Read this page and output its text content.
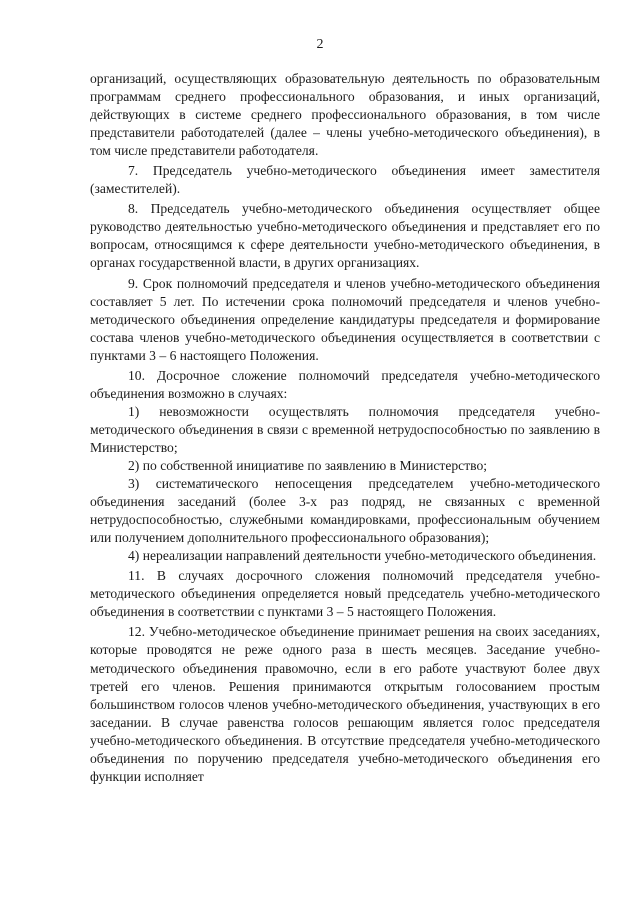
2

организаций, осуществляющих образовательную деятельность по образовательным программам среднего профессионального образования, и иных организаций, действующих в системе среднего профессионального образования, в том числе представители работодателей (далее – члены учебно-методического объединения), в том числе представители работодателя.

7. Председатель учебно-методического объединения имеет заместителя (заместителей).

8. Председатель учебно-методического объединения осуществляет общее руководство деятельностью учебно-методического объединения и представляет его по вопросам, относящимся к сфере деятельности учебно-методического объединения, в органах государственной власти, в других организациях.

9. Срок полномочий председателя и членов учебно-методического объединения составляет 5 лет. По истечении срока полномочий председателя и членов учебно-методического объединения определение кандидатуры председателя и формирование состава членов учебно-методического объединения осуществляется в соответствии с пунктами 3 – 6 настоящего Положения.

10. Досрочное сложение полномочий председателя учебно-методического объединения возможно в случаях:

1) невозможности осуществлять полномочия председателя учебно-методического объединения в связи с временной нетрудоспособностью по заявлению в Министерство;

2) по собственной инициативе по заявлению в Министерство;

3) систематического непосещения председателем учебно-методического объединения заседаний (более 3-х раз подряд, не связанных с временной нетрудоспособностью, служебными командировками, профессиональным обучением или получением дополнительного профессионального образования);

4) нереализации направлений деятельности учебно-методического объединения.

11. В случаях досрочного сложения полномочий председателя учебно-методического объединения определяется новый председатель учебно-методического объединения в соответствии с пунктами 3 – 5 настоящего Положения.

12. Учебно-методическое объединение принимает решения на своих заседаниях, которые проводятся не реже одного раза в шесть месяцев. Заседание учебно-методического объединения правомочно, если в его работе участвуют более двух третей его членов. Решения принимаются открытым голосованием простым большинством голосов членов учебно-методического объединения, участвующих в его заседании. В случае равенства голосов решающим является голос председателя учебно-методического объединения. В отсутствие председателя учебно-методического объединения по поручению председателя учебно-методического объединения его функции исполняет
